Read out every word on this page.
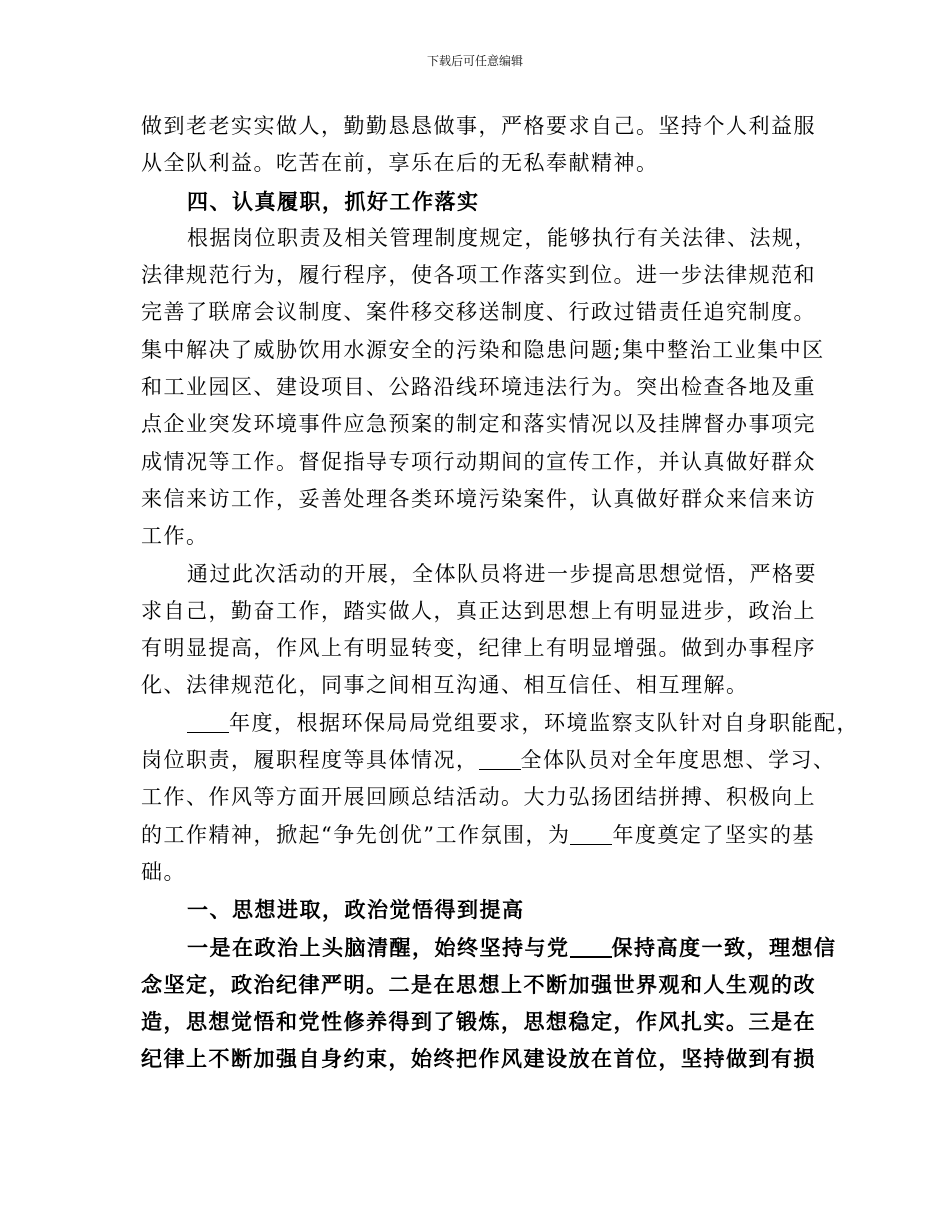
下载后可任意编辑

做到老老实实做人，勤勤恳恳做事，严格要求自己。坚持个人利益服
从全队利益。吃苦在前，享乐在后的无私奉献精神。

四、认真履职，抓好工作落实

根据岗位职责及相关管理制度规定，能够执行有关法律、法规，
法律规范行为，履行程序，使各项工作落实到位。进一步法律规范和
完善了联席会议制度、案件移交移送制度、行政过错责任追究制度。
集中解决了威胁饮用水源安全的污染和隐患问题;集中整治工业集中区
和工业园区、建设项目、公路沿线环境违法行为。突出检查各地及重
点企业突发环境事件应急预案的制定和落实情况以及挂牌督办事项完
成情况等工作。督促指导专项行动期间的宣传工作，并认真做好群众
来信来访工作，妥善处理各类环境污染案件，认真做好群众来信来访
工作。

通过此次活动的开展，全体队员将进一步提高思想觉悟，严格要
求自己，勤奋工作，踏实做人，真正达到思想上有明显进步，政治上
有明显提高，作风上有明显转变，纪律上有明显增强。做到办事程序
化、法律规范化，同事之间相互沟通、相互信任、相互理解。

年度，根据环保局局党组要求，环境监察支队针对自身职能配，
岗位职责，履职程度等具体情况， 全体队员对全年度思想、学习、
工作、作风等方面开展回顾总结活动。大力弘扬团结拼搏、积极向上
的工作精神，掀起“争先创优”工作氛围，为 年度奠定了坚实的基
础。

一、思想进取，政治觉悟得到提高

一是在政治上头脑清醒，始终坚持与党 保持高度一致，理想信
念坚定，政治纪律严明。二是在思想上不断加强世界观和人生观的改
造，思想觉悟和党性修养得到了锻炼，思想稳定，作风扎实。三是在
纪律上不断加强自身约束，始终把作风建设放在首位，坚持做到有损
